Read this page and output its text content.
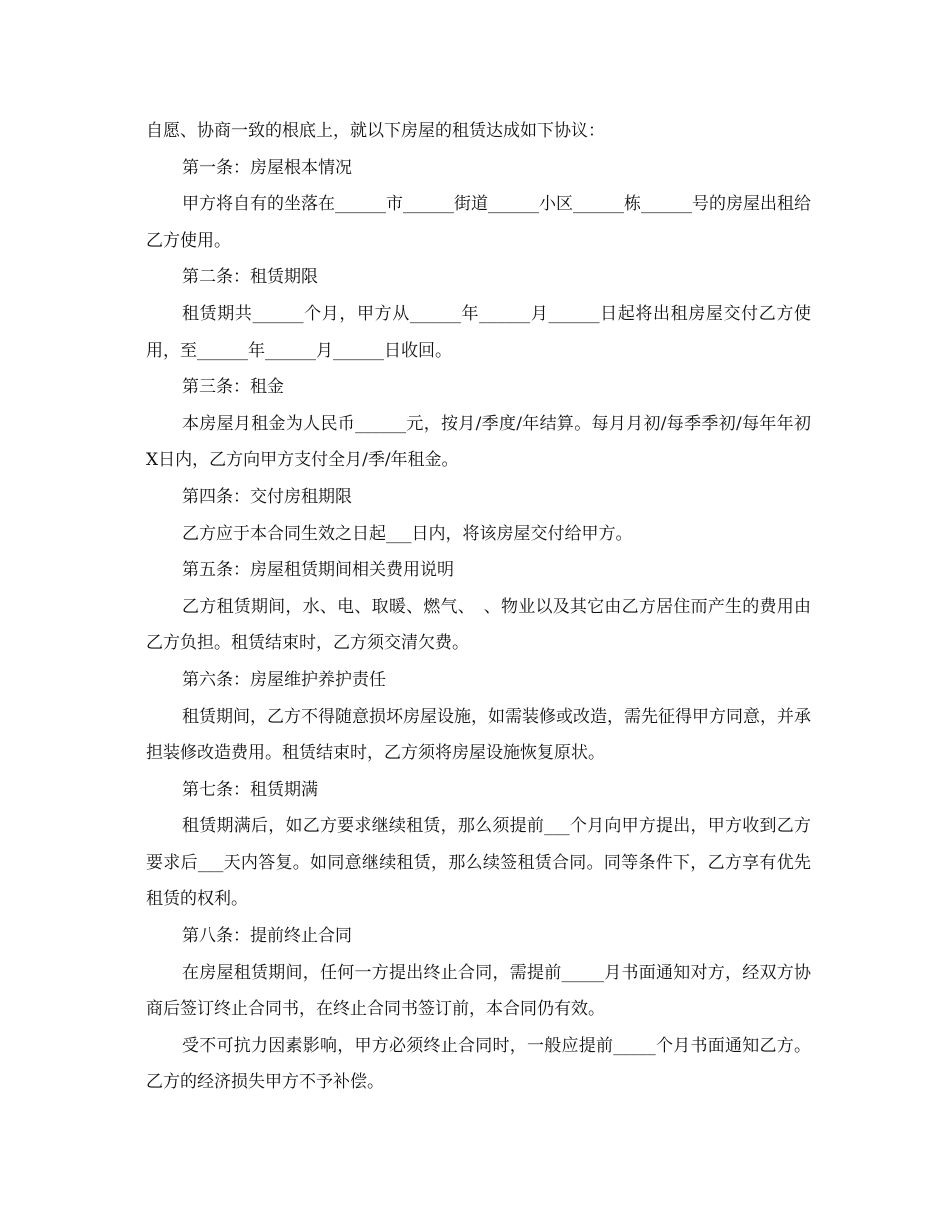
自愿、协商一致的根底上，就以下房屋的租赁达成如下协议：

第一条：房屋根本情况

甲方将自有的坐落在______市______街道______小区______栋______号的房屋出租给乙方使用。

第二条：租赁期限

租赁期共______个月，甲方从______年______月______日起将出租房屋交付乙方使用，至______年______月______日收回。

第三条：租金

本房屋月租金为人民币______元，按月/季度/年结算。每月月初/每季季初/每年年初X日内，乙方向甲方支付全月/季/年租金。

第四条：交付房租期限

乙方应于本合同生效之日起___日内，将该房屋交付给甲方。

第五条：房屋租赁期间相关费用说明

乙方租赁期间，水、电、取暖、燃气、　、物业以及其它由乙方居住而产生的费用由乙方负担。租赁结束时，乙方须交清欠费。

第六条：房屋维护养护责任

租赁期间，乙方不得随意损坏房屋设施，如需装修或改造，需先征得甲方同意，并承担装修改造费用。租赁结束时，乙方须将房屋设施恢复原状。

第七条：租赁期满

租赁期满后，如乙方要求继续租赁，那么须提前___个月向甲方提出，甲方收到乙方要求后___天内答复。如同意继续租赁，那么续签租赁合同。同等条件下，乙方享有优先租赁的权利。

第八条：提前终止合同

在房屋租赁期间，任何一方提出终止合同，需提前_____月书面通知对方，经双方协商后签订终止合同书，在终止合同书签订前，本合同仍有效。

受不可抗力因素影响，甲方必须终止合同时，一般应提前_____个月书面通知乙方。乙方的经济损失甲方不予补偿。
